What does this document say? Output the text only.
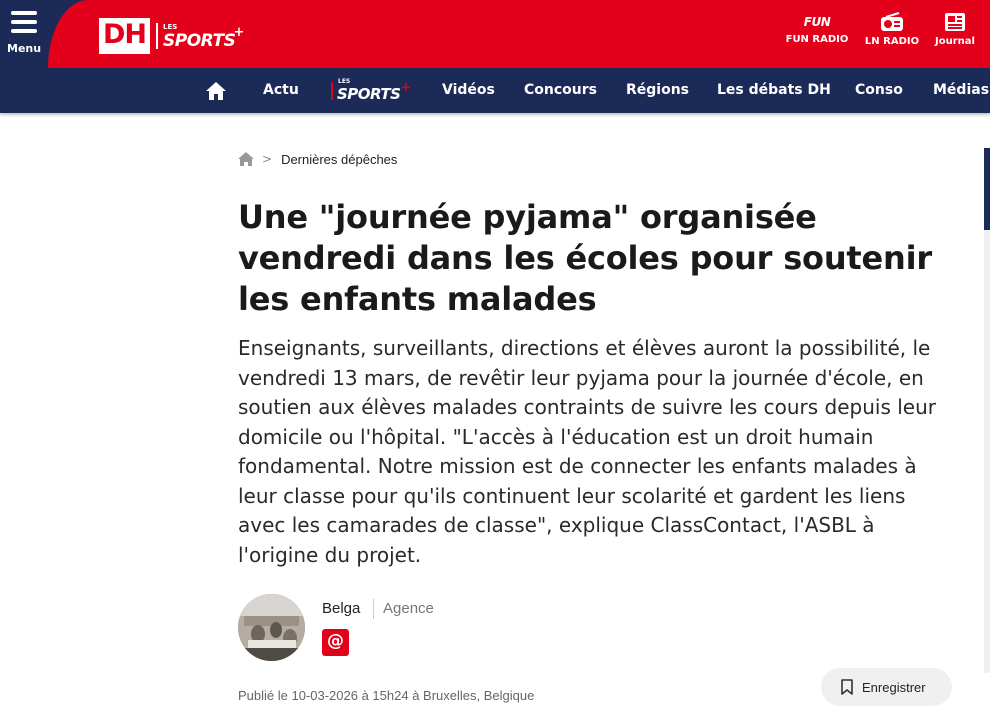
Menu DH	LES
SPORTS
+
FUN
FUN RADIO LN RADIO	Journal
Actu
LES
SPORTS + Vidéos Concours Régions Les débats DH Conso Médias
> Dernières dépêches
Une "journée pyjama" organisée vendredi dans les écoles pour soutenir les enfants malades

Enseignants, surveillants, directions et élèves auront la possibilité, le vendredi 13 mars, de revêtir leur pyjama pour la journée d'école, en soutien aux élèves malades contraints de suivre les cours depuis leur domicile ou l'hôpital. "L'accès à l'éducation est un droit humain fondamental. Notre mission est de connecter les enfants malades à leur classe pour qu'ils continuent leur scolarité et gardent les liens avec les camarades de classe", explique ClassContact, l'ASBL à l'origine du projet.

Belga Agence
@
Publié le 10-03-2026 à 15h24 à Bruxelles, Belgique
Enregistrer
